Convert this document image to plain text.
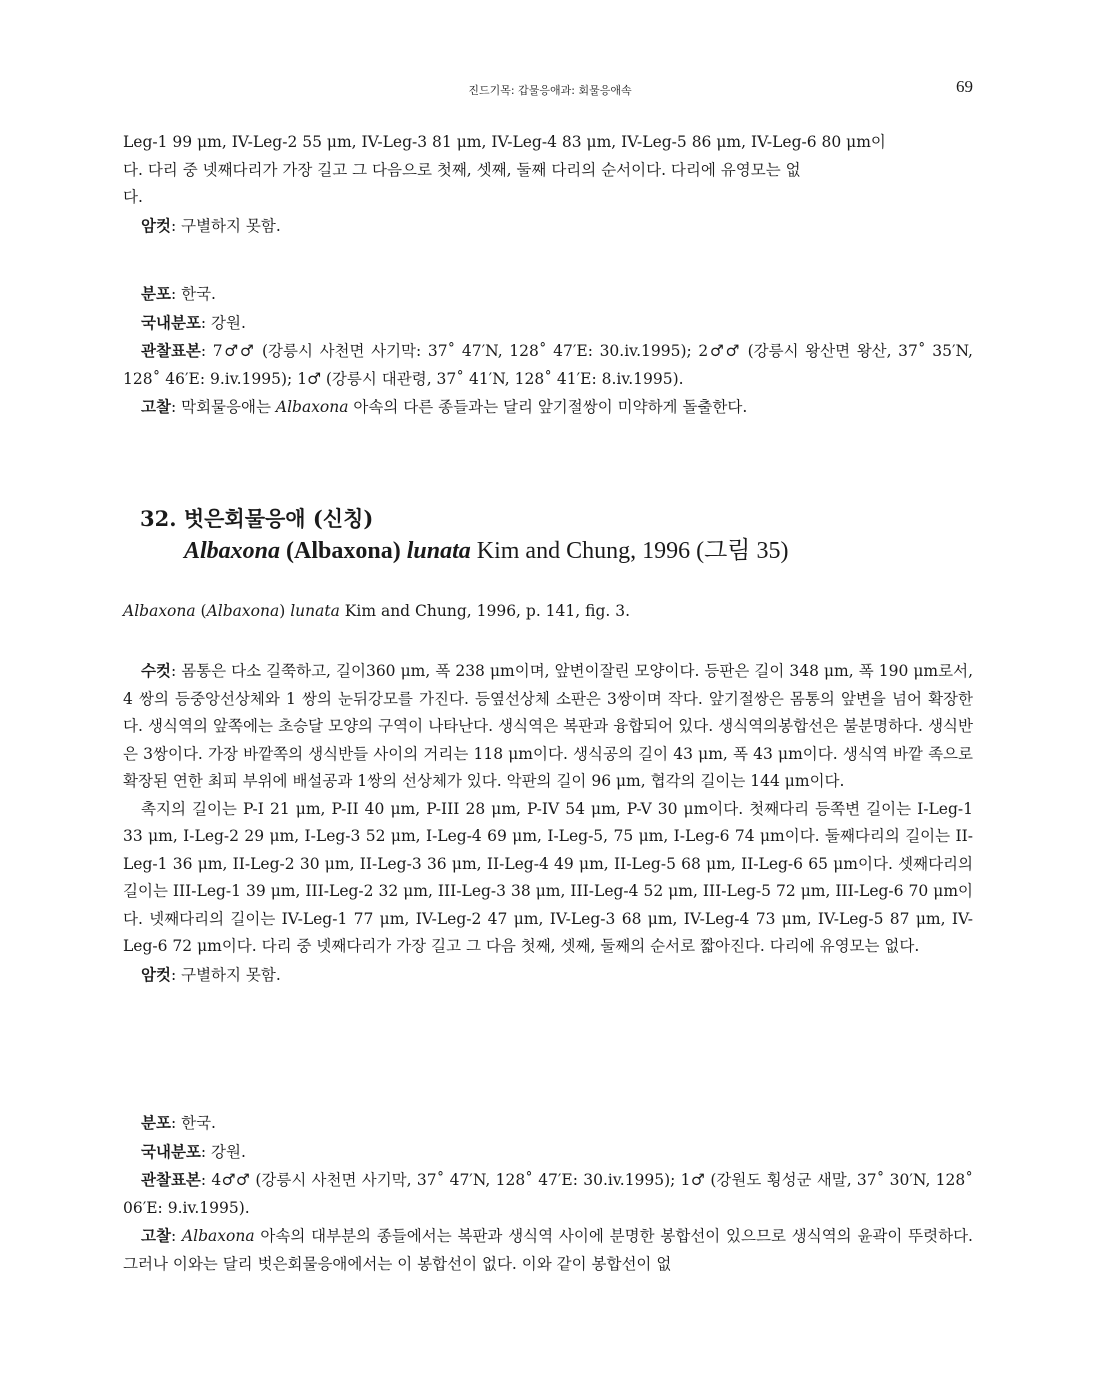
진드기목: 갑물응애과: 회물응애속	69

Leg-1 99 μm, IV-Leg-2 55 μm, IV-Leg-3 81 μm, IV-Leg-4 83 μm, IV-Leg-5 86 μm, IV-Leg-6 80 μm이

다. 다리 중 넷째다리가 가장 길고 그 다음으로 첫째, 셋째, 둘째 다리의 순서이다. 다리에 유영모는 없

다.

암컷: 구별하지 못함.

분포: 한국.

국내분포: 강원.

관찰표본: 7♂♂ (강릉시 사천면 사기막: 37˚ 47′N, 128˚ 47′E: 30.iv.1995); 2♂♂ (강릉시 왕산면 왕산, 37˚ 35′N, 128˚ 46′E: 9.iv.1995); 1♂ (강릉시 대관령, 37˚ 41′N, 128˚ 41′E: 8.iv.1995).

고찰: 막회물응애는 Albaxona 아속의 다른 종들과는 달리 앞기절쌍이 미약하게 돌출한다.

32. 벗은회물응애 (신칭)

Albaxona (Albaxona) lunata Kim and Chung, 1996 (그림 35)

Albaxona (Albaxona) lunata Kim and Chung, 1996, p. 141, fig. 3.

수컷: 몸통은 다소 길쭉하고, 길이360 μm, 폭 238 μm이며, 앞변이잘린 모양이다. 등판은 길이 348 μm, 폭 190 μm로서, 4 쌍의 등중앙선상체와 1 쌍의 눈뒤강모를 가진다. 등옆선상체 소판은 3쌍이며 작다. 앞기절쌍은 몸통의 앞변을 넘어 확장한다. 생식역의 앞쪽에는 초승달 모양의 구역이 나타난다. 생식역은 복판과 융합되어 있다. 생식역의봉합선은 불분명하다. 생식반은 3쌍이다. 가장 바깥쪽의 생식반들 사이의 거리는 118 μm이다. 생식공의 길이 43 μm, 폭 43 μm이다. 생식역 바깥 족으로 확장된 연한 최피 부위에 배설공과 1쌍의 선상체가 있다. 악판의 길이 96 μm, 협각의 길이는 144 μm이다.

촉지의 길이는 P-I 21 μm, P-II 40 μm, P-III 28 μm, P-IV 54 μm, P-V 30 μm이다. 첫째다리 등쪽변 길이는 I-Leg-1 33 μm, I-Leg-2 29 μm, I-Leg-3 52 μm, I-Leg-4 69 μm, I-Leg-5, 75 μm, I-Leg-6 74 μm이다. 둘째다리의 길이는 II-Leg-1 36 μm, II-Leg-2 30 μm, II-Leg-3 36 μm, II-Leg-4 49 μm, II-Leg-5 68 μm, II-Leg-6 65 μm이다. 셋째다리의 길이는 III-Leg-1 39 μm, III-Leg-2 32 μm, III-Leg-3 38 μm, III-Leg-4 52 μm, III-Leg-5 72 μm, III-Leg-6 70 μm이다. 넷째다리의 길이는 IV-Leg-1 77 μm, IV-Leg-2 47 μm, IV-Leg-3 68 μm, IV-Leg-4 73 μm, IV-Leg-5 87 μm, IV-Leg-6 72 μm이다. 다리 중 넷째다리가 가장 길고 그 다음 첫째, 셋째, 둘째의 순서로 짧아진다. 다리에 유영모는 없다.

암컷: 구별하지 못함.

분포: 한국.

국내분포: 강원.

관찰표본: 4♂♂ (강릉시 사천면 사기막, 37˚ 47′N, 128˚ 47′E: 30.iv.1995); 1♂ (강원도 횡성군 새말, 37˚ 30′N, 128˚ 06′E: 9.iv.1995).

고찰: Albaxona 아속의 대부분의 종들에서는 복판과 생식역 사이에 분명한 봉합선이 있으므로 생식역의 윤곽이 뚜렷하다. 그러나 이와는 달리 벗은회물응애에서는 이 봉합선이 없다. 이와 같이 봉합선이 없
